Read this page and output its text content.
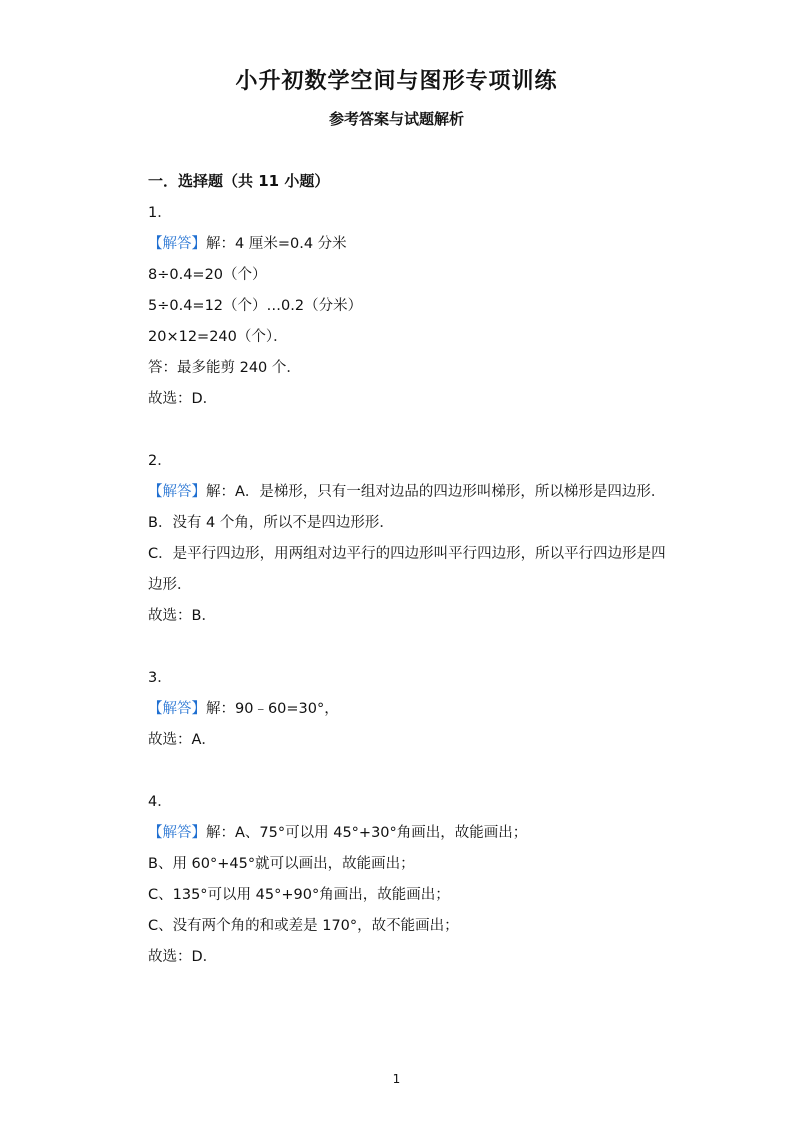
小升初数学空间与图形专项训练
参考答案与试题解析
一．选择题（共 11 小题）
1．
【解答】解：4 厘米=0.4 分米
8÷0.4=20（个）
5÷0.4=12（个）…0.2（分米）
20×12=240（个）．
答：最多能剪 240 个．
故选：D．
2．
【解答】解：A．是梯形，只有一组对边品的四边形叫梯形，所以梯形是四边形．
B．没有 4 个角，所以不是四边形形．
C．是平行四边形，用两组对边平行的四边形叫平行四边形，所以平行四边形是四边形．
故选：B．
3．
【解答】解：90﹣60=30°，
故选：A．
4．
【解答】解：A、75°可以用 45°+30°角画出，故能画出；
B、用 60°+45°就可以画出，故能画出；
C、135°可以用 45°+90°角画出，故能画出；
C、没有两个角的和或差是 170°，故不能画出；
故选：D．
1
